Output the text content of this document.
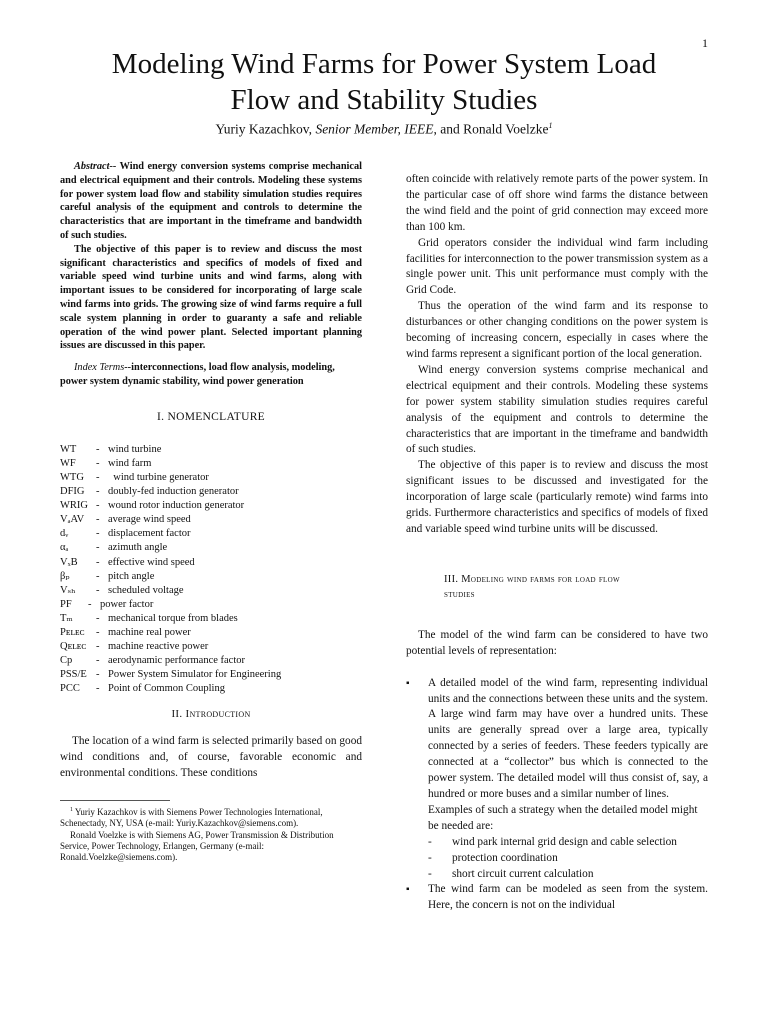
1
Modeling Wind Farms for Power System Load
Flow and Stability Studies
Yuriy Kazachkov, Senior Member, IEEE, and Ronald Voelzke$^1$

Abstract-- Wind energy conversion systems comprise mechanical and electrical equipment and their controls. Modeling these systems for power system load flow and stability simulation studies requires careful analysis of the equipment and controls to determine the characteristics that are important in the timeframe and bandwidth of such studies.

The objective of this paper is to review and discuss the most significant characteristics and specifics of models of fixed and variable speed wind turbine units and wind farms, along with important issues to be considered for incorporating of large scale wind farms into grids. The growing size of wind farms require a full scale system planning in order to guaranty a safe and reliable operation of the wind power plant. Selected important planning issues are discussed in this paper.

Index Terms--interconnections, load flow analysis, modeling, power system dynamic stability, wind power generation

I. NOMENCLATURE
WT	- wind turbine
WF	- wind farm
WTG	- wind turbine generator
DFIG	- doubly-fed induction generator
WRIG - wound rotor induction generator
VₐAV	- average wind speed
dᵥ	- displacement factor
αₐ	- azimuth angle
VₓB	- effective wind speed
βₚ	- pitch angle
Vₛₕ	- scheduled voltage
PF	- power factor
Tₘ	- mechanical torque from blades
Pᴇʟᴇᴄ	- machine real power
Qᴇʟᴇᴄ - machine reactive power
Cp	- aerodynamic performance factor
PSS/E - Power System Simulator for Engineering
PCC	- Point of Common Coupling
II. Introduction

The location of a wind farm is selected primarily based on good wind conditions and, of course, favorable economic and environmental conditions. These conditions

$^1$ Yuriy Kazachkov is with Siemens Power Technologies International, Schenectady, NY, USA (e-mail: Yuriy.Kazachkov@siemens.com).

Ronald Voelzke is with Siemens AG, Power Transmission & Distribution Service, Power Technology, Erlangen, Germany (e-mail: Ronald.Voelzke@siemens.com).

often coincide with relatively remote parts of the power system. In the particular case of off shore wind farms the distance between the wind field and the point of grid connection may exceed more than 100 km.

Grid operators consider the individual wind farm including facilities for interconnection to the power transmission system as a single power unit. This unit performance must comply with the Grid Code.

Thus the operation of the wind farm and its response to disturbances or other changing conditions on the power system is becoming of increasing concern, especially in cases where the wind farms represent a significant portion of the local generation.

Wind energy conversion systems comprise mechanical and electrical equipment and their controls. Modeling these systems for power system stability simulation studies requires careful analysis of the equipment and controls to determine the characteristics that are important in the timeframe and bandwidth of such studies.

The objective of this paper is to review and discuss the most significant issues to be discussed and investigated for the incorporation of large scale (particularly remote) wind farms into grids. Furthermore characteristics and specifics of models of fixed and variable speed wind turbine units will be discussed.

III. Modeling wind farms for load flow
studies

The model of the wind farm can be considered to have two potential levels of representation:

▪	A detailed model of the wind farm, representing individual units and the connections between these units and the system. A large wind farm may have over a hundred units. These units are generally spread over a large area, typically connected by a series of feeders. These feeders typically are connected at a “collector” bus which is connected to the power system. The detailed model will thus consist of, say, a hundred or more buses and a similar number of lines.

Examples of such a strategy when the detailed model might be needed are:

-	wind park internal grid design and cable selection
-	protection coordination
-	short circuit current calculation
▪	The wind farm can be modeled as seen from the system. Here, the concern is not on the individual
